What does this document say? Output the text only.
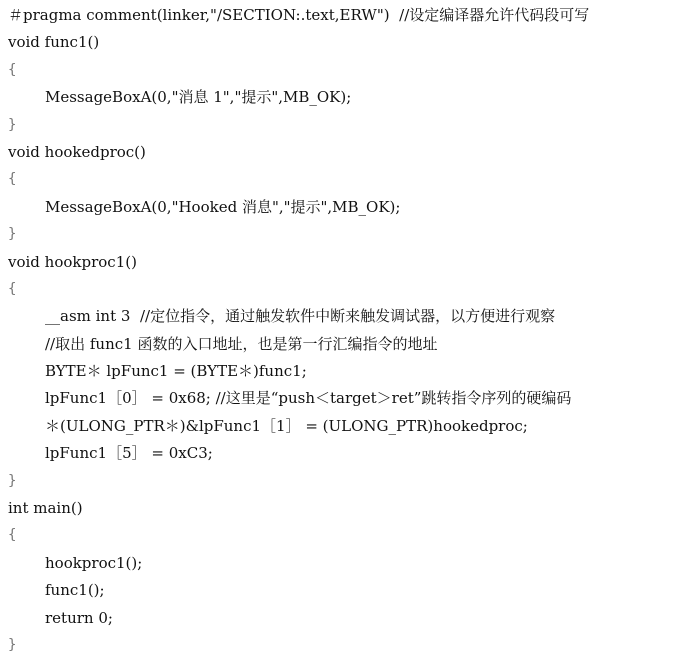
＃pragma comment(linker,"/SECTION:.text,ERW")  //设定编译器允许代码段可写
void func1()
{
MessageBoxA(0,"消息 1","提示",MB_OK);
}
void hookedproc()
{
MessageBoxA(0,"Hooked 消息","提示",MB_OK);
}
void hookproc1()
{
__asm int 3  //定位指令，通过触发软件中断来触发调试器，以方便进行观察
//取出 func1 函数的入口地址，也是第一行汇编指令的地址
BYTE＊ lpFunc1 = (BYTE＊)func1;
lpFunc1［0］ = 0x68; //这里是“push＜target＞ret”跳转指令序列的硬编码
＊(ULONG_PTR＊)&lpFunc1［1］ = (ULONG_PTR)hookedproc;
lpFunc1［5］ = 0xC3;
}
int main()
{
hookproc1();
func1();
return 0;
}
